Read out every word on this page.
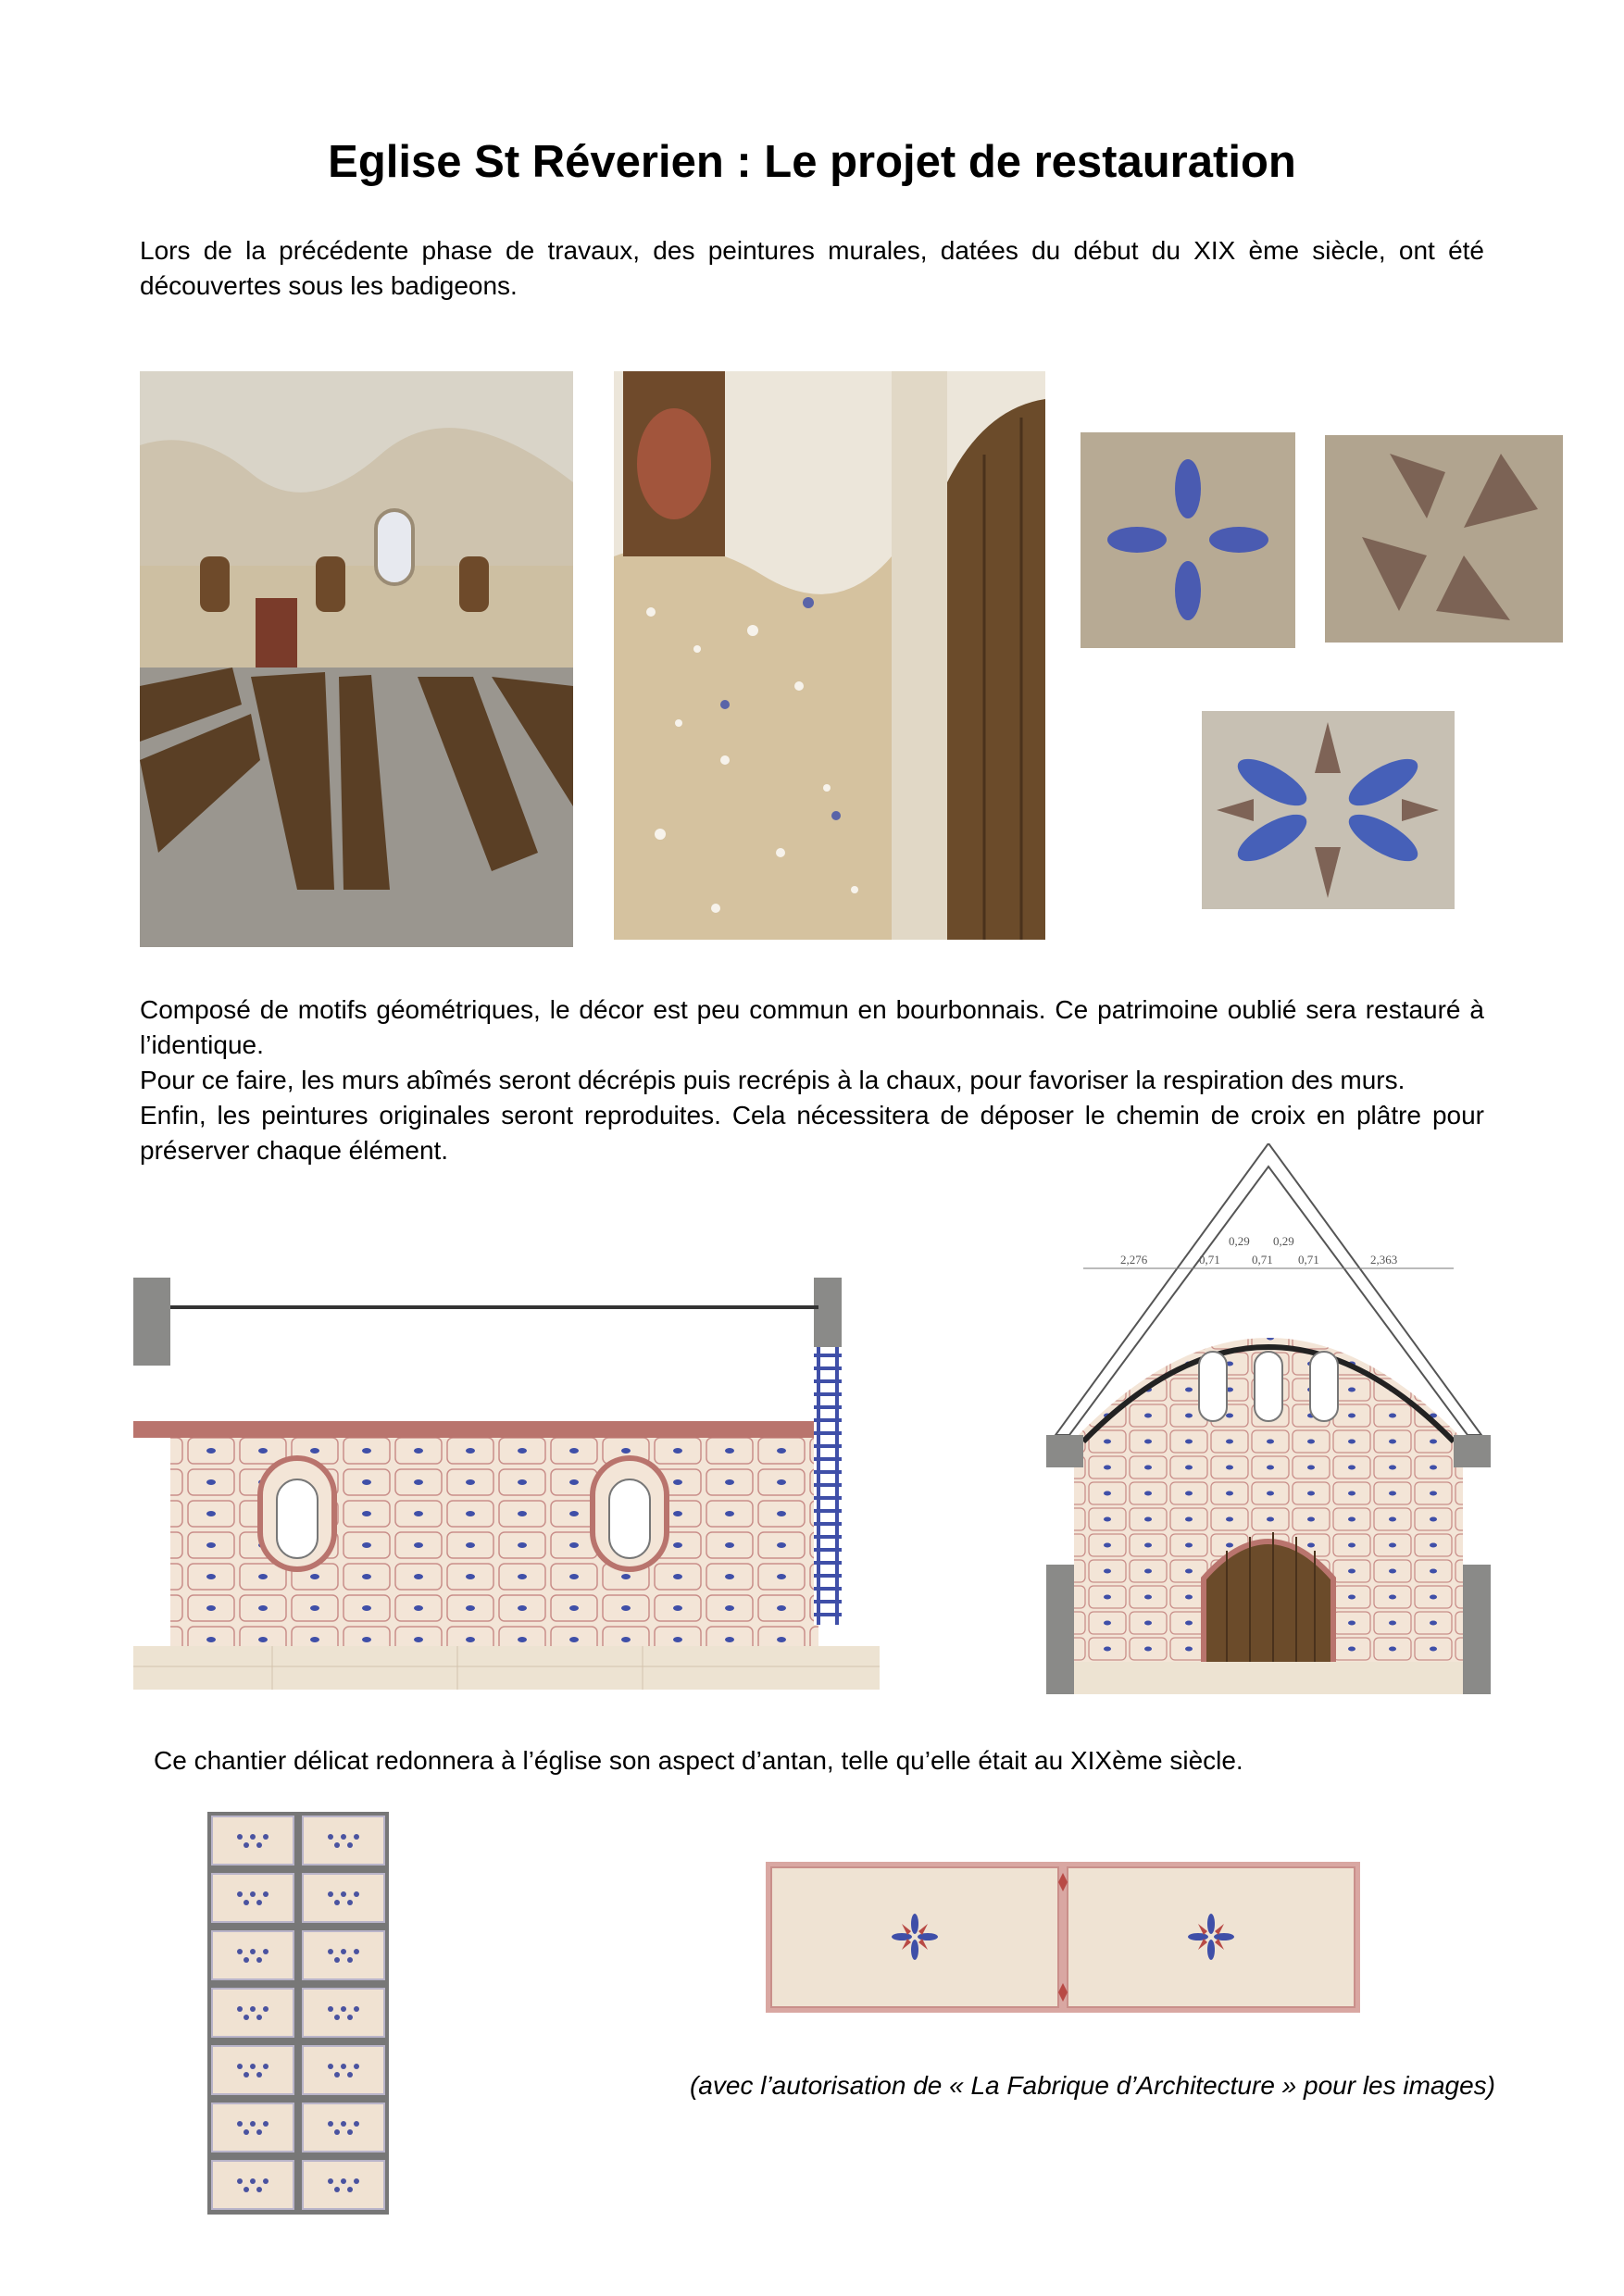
Eglise St Réverien : Le projet de restauration

Lors de la précédente phase de travaux, des peintures murales, datées du début du XIX ème siècle, ont été découvertes sous les badigeons.

Composé de motifs géométriques, le décor est peu commun en bourbonnais. Ce patrimoine oublié sera restauré à l’identique.
Pour ce faire, les murs abîmés seront décrépis puis recrépis à la chaux, pour favoriser la respiration des murs.
Enfin, les peintures originales seront reproduites. Cela nécessitera de déposer le chemin de croix en plâtre pour préserver chaque élément.
2,276
0,29
0,71	0,71
0,29
0,71	2,363
Ce chantier délicat redonnera à l’église son aspect d’antan, telle qu’elle était au XIXème siècle.
(avec l’autorisation de « La Fabrique d’Architecture » pour les images)
